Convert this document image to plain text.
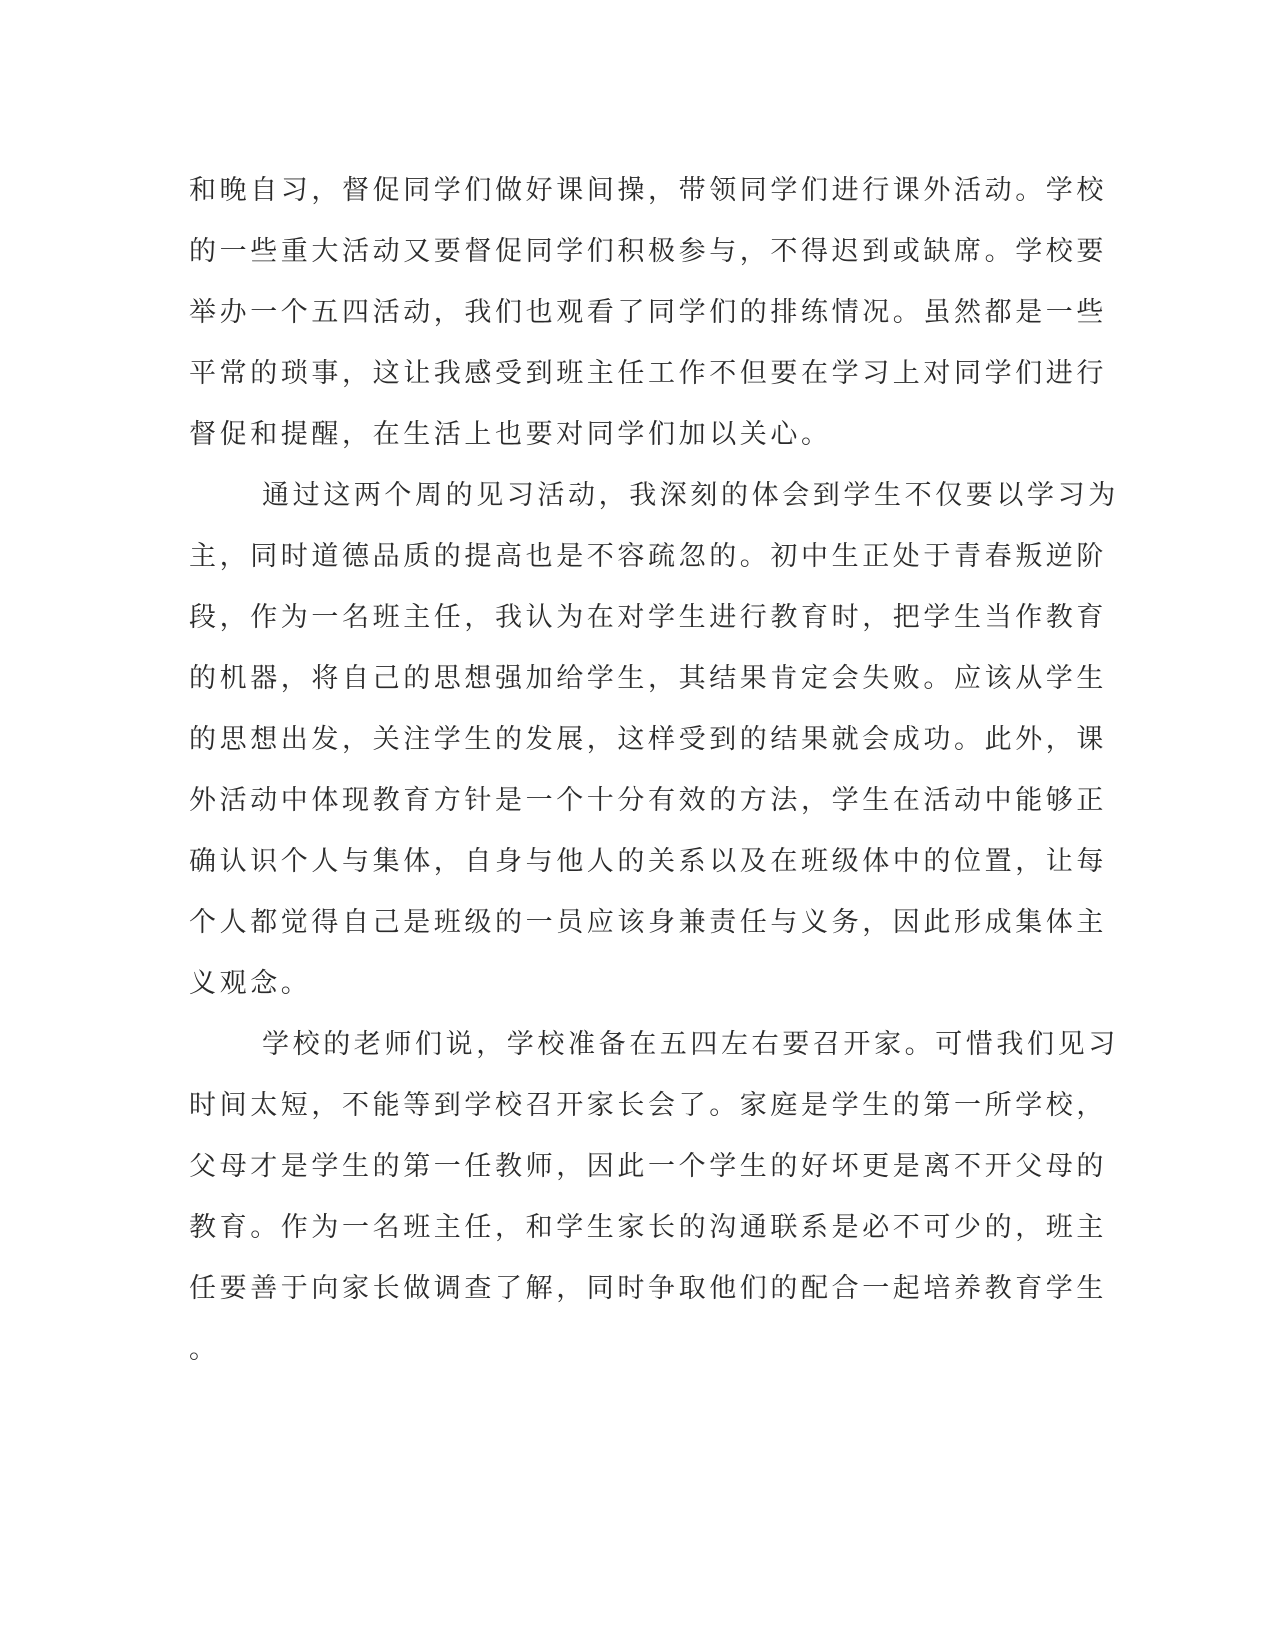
和晚自习，督促同学们做好课间操，带领同学们进行课外活动。学校
的一些重大活动又要督促同学们积极参与，不得迟到或缺席。学校要
举办一个五四活动，我们也观看了同学们的排练情况。虽然都是一些
平常的琐事，这让我感受到班主任工作不但要在学习上对同学们进行
督促和提醒，在生活上也要对同学们加以关心。
通过这两个周的见习活动，我深刻的体会到学生不仅要以学习为
主，同时道德品质的提高也是不容疏忽的。初中生正处于青春叛逆阶
段，作为一名班主任，我认为在对学生进行教育时，把学生当作教育
的机器，将自己的思想强加给学生，其结果肯定会失败。应该从学生
的思想出发，关注学生的发展，这样受到的结果就会成功。此外，课
外活动中体现教育方针是一个十分有效的方法，学生在活动中能够正
确认识个人与集体，自身与他人的关系以及在班级体中的位置，让每
个人都觉得自己是班级的一员应该身兼责任与义务，因此形成集体主
义观念。
学校的老师们说，学校准备在五四左右要召开家。可惜我们见习
时间太短，不能等到学校召开家长会了。家庭是学生的第一所学校，
父母才是学生的第一任教师，因此一个学生的好坏更是离不开父母的
教育。作为一名班主任，和学生家长的沟通联系是必不可少的，班主
任要善于向家长做调查了解，同时争取他们的配合一起培养教育学生
。
